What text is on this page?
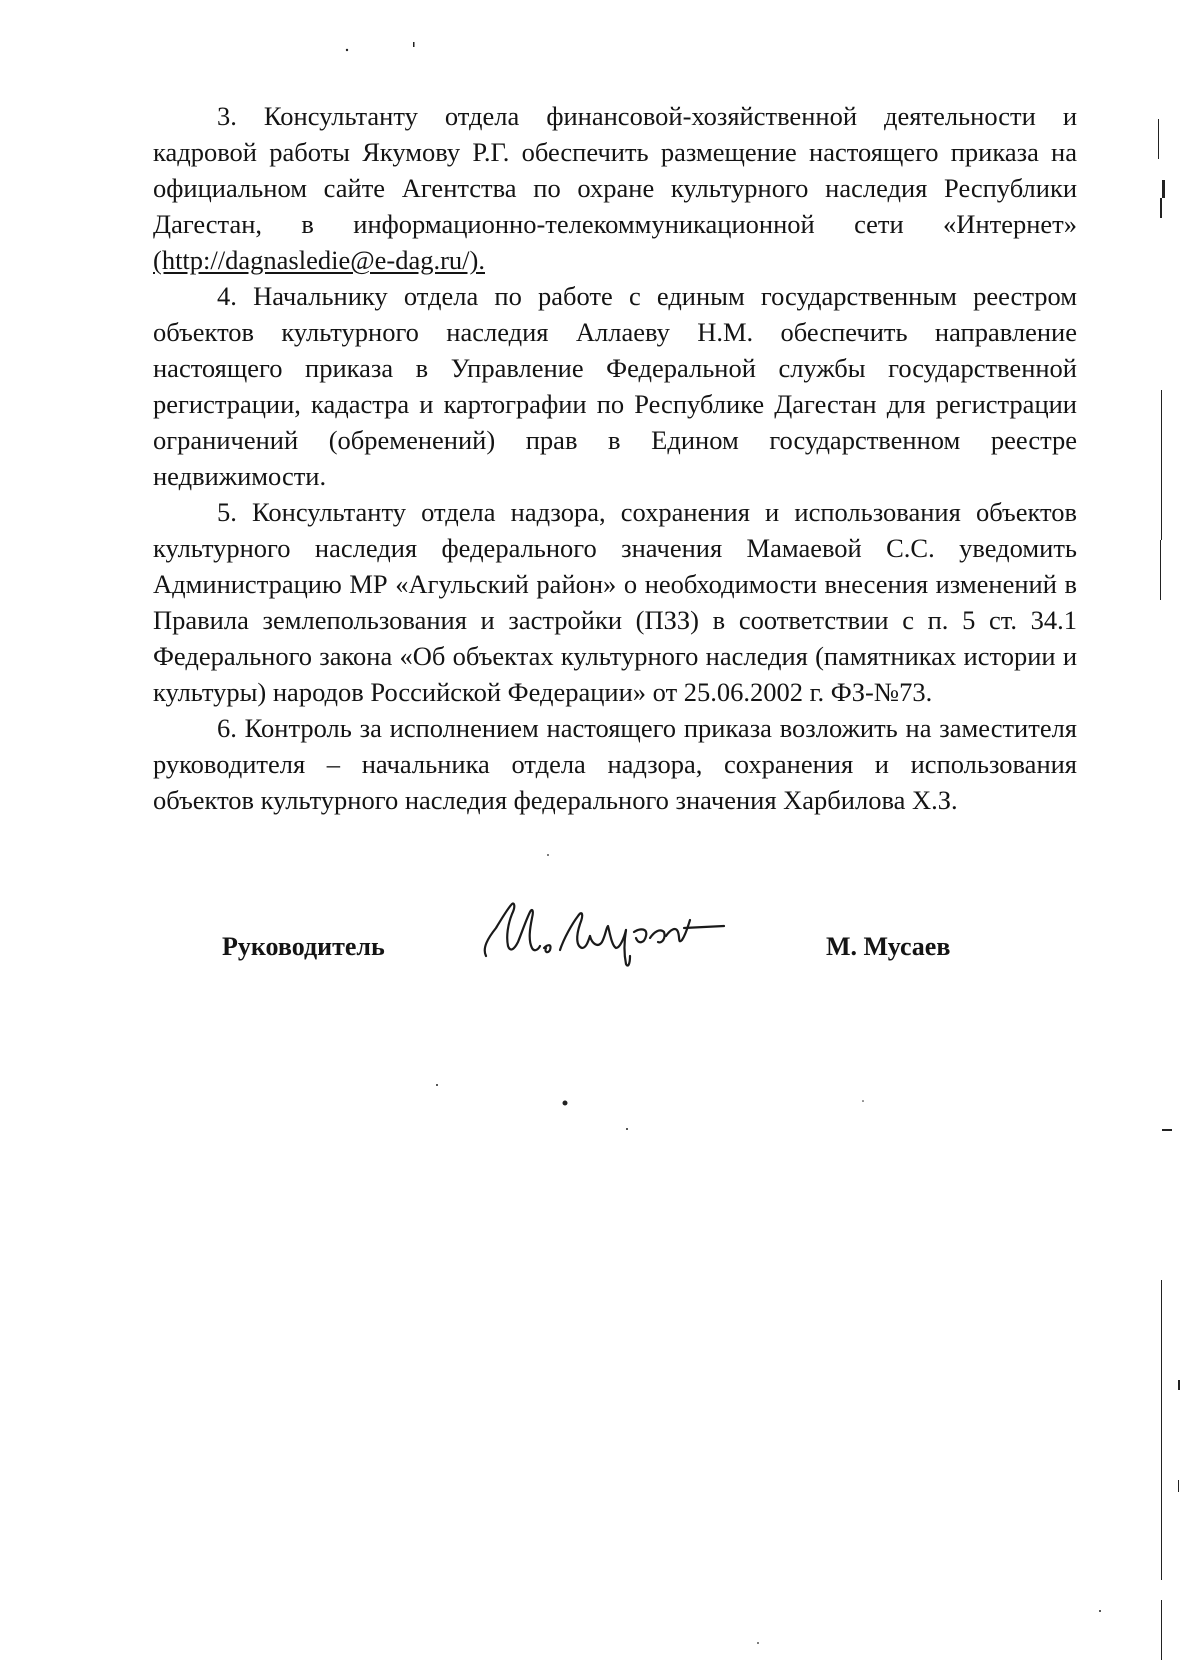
3. Консультанту отдела финансовой-хозяйственной деятельности и кадровой работы Якумову Р.Г. обеспечить размещение настоящего приказа на официальном сайте Агентства по охране культурного наследия Республики Дагестан, в информационно-телекоммуникационной сети «Интернет» (http://dagnasledie@e-dag.ru/).

4. Начальнику отдела по работе с единым государственным реестром объектов культурного наследия Аллаеву Н.М. обеспечить направление настоящего приказа в Управление Федеральной службы государственной регистрации, кадастра и картографии по Республике Дагестан для регистрации ограничений (обременений) прав в Едином государственном реестре недвижимости.

5. Консультанту отдела надзора, сохранения и использования объектов культурного наследия федерального значения Мамаевой С.С. уведомить Администрацию МР «Агульский район» о необходимости внесения изменений в Правила землепользования и застройки (ПЗЗ) в соответствии с п. 5 ст. 34.1 Федерального закона «Об объектах культурного наследия (памятниках истории и культуры) народов Российской Федерации» от 25.06.2002 г. ФЗ-№73.

6. Контроль за исполнением настоящего приказа возложить на заместителя руководителя – начальника отдела надзора, сохранения и использования объектов культурного наследия федерального значения Харбилова Х.З.

Руководитель	М. Мусаев
